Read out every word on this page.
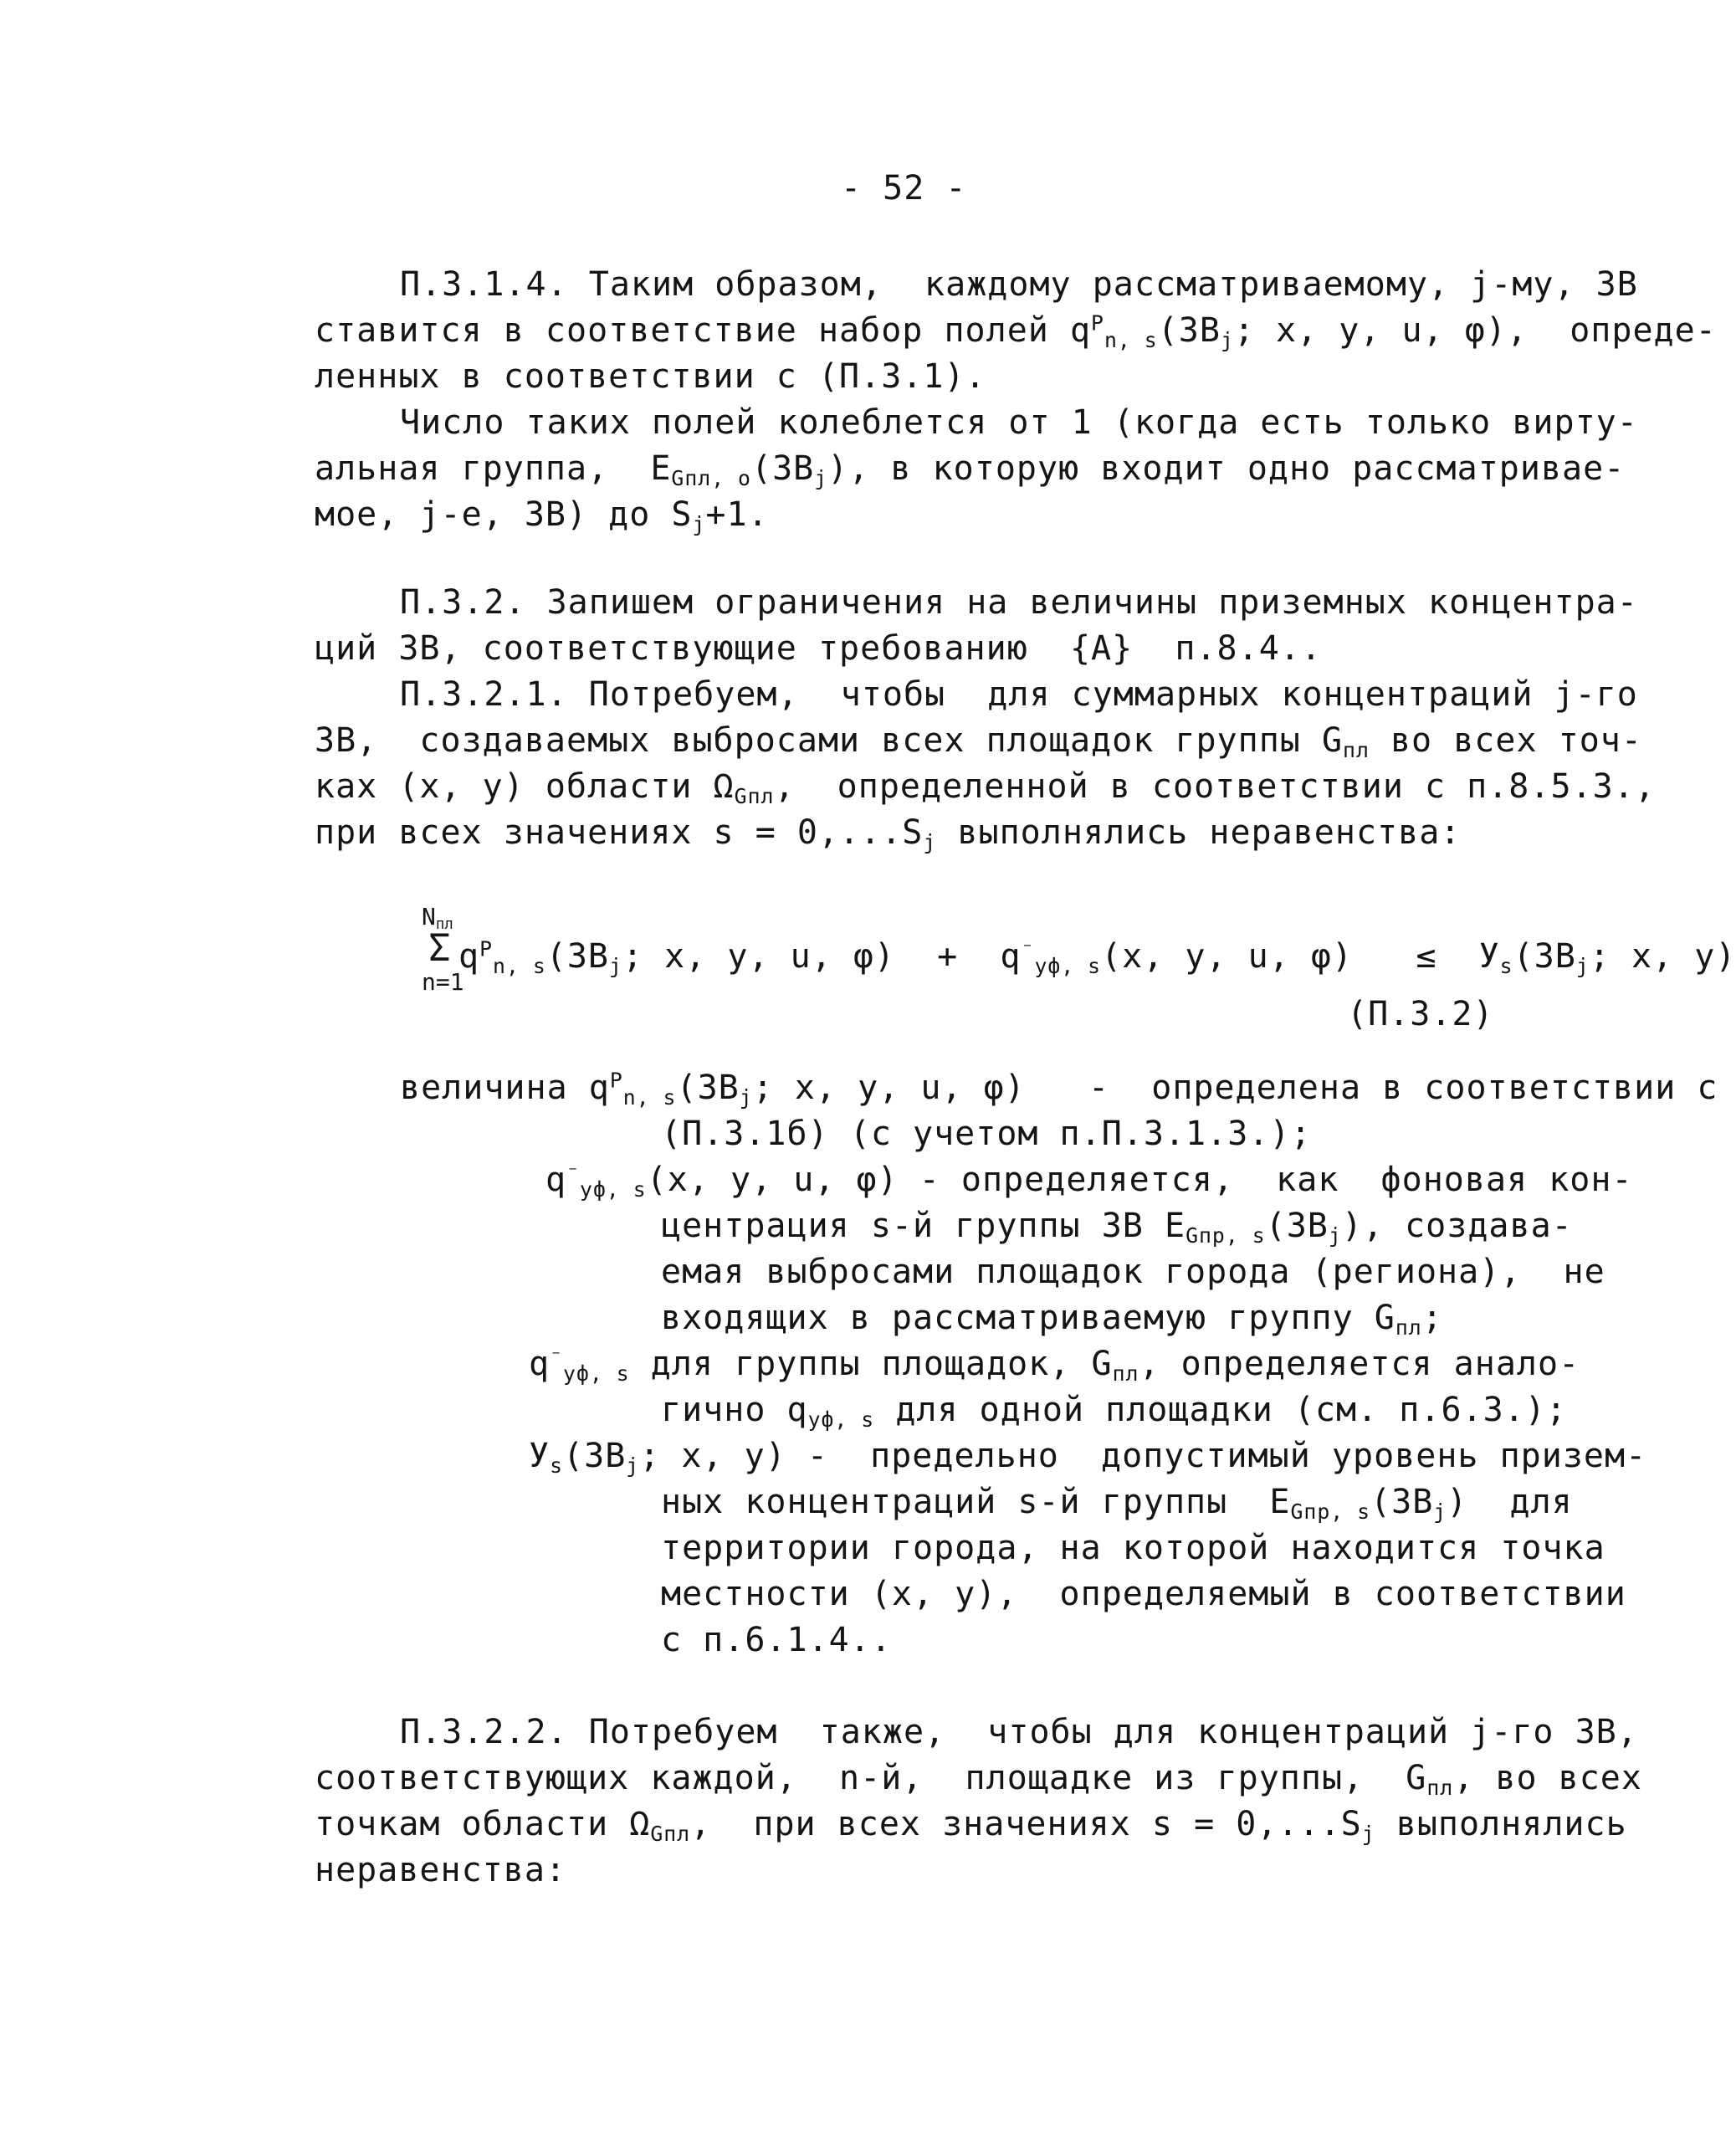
- 52 -
П.3.1.4. Таким образом,  каждому рассматриваемому, j-му, ЗВ
ставится в соответствие набор полей $q^P_{n, s}(ЗВ_j$; x, y, u, φ),  опреде-
ленных в соответствии с (П.3.1).
Число таких полей колеблется от 1 (когда есть только вирту-
альная группа,  $E_{Gпл, o}(ЗВ_j)$, в которую входит одно рассматривае-
мое, j-е, ЗВ) до $S_j+1$.
П.3.2. Запишем ограничения на величины приземных концентра-
ций ЗВ, соответствующие требованию  {А}  п.8.4..
П.3.2.1. Потребуем,  чтобы  для суммарных концентраций j-го
ЗВ,  создаваемых выбросами всех площадок группы $G_{пл}$ во всех точ-
ках (x, y) области $\Omega_{Gпл}$,  определенной в соответствии с п.8.5.3.,
при всех значениях $s = 0,...S_j$ выполнялись неравенства:
$N_{пл}$
Σ
n=1
$q^P_{n, s}(ЗВ_j$; x, y, u, $\varphi) + q^{^-}_{уф, s}(x$, y, u, $\varphi) \le У_s(ЗВ_j$; x, y)
(П.3.2)
величина $q^P_{n, s}(ЗВ_j$; x, y, u, φ)   -  определена в соответствии с
(П.3.1б) (с учетом п.П.3.1.3.);
$q^{^-}_{уф, s}(x$, y, u, φ) - определяется,  как  фоновая кон-
центрация s-й группы ЗВ $E_{Gпр, s}(ЗВ_j)$, создава-
емая выбросами площадок города (региона),  не
входящих в рассматриваемую группу $G_{пл}$;
$q^{^-}_{уф, s}$ для группы площадок, $G_{пл}$, определяется анало-
гично $q_{уф, s}$ для одной площадки (см. п.6.3.);
$У_s(ЗВ_j$; x, y) -  предельно  допустимый уровень призем-
ных концентраций s-й группы  $E_{Gпр, s}(ЗВ_j)$  для
территории города, на которой находится точка
местности (x, y),  определяемый в соответствии
с п.6.1.4..
П.3.2.2. Потребуем  также,  чтобы для концентраций j-го ЗВ,
соответствующих каждой,  n-й,  площадке из группы,  $G_{пл}$, во всех
точкам области $\Omega_{Gпл}$,  при всех значениях $s = 0,...S_j$ выполнялись
неравенства:
